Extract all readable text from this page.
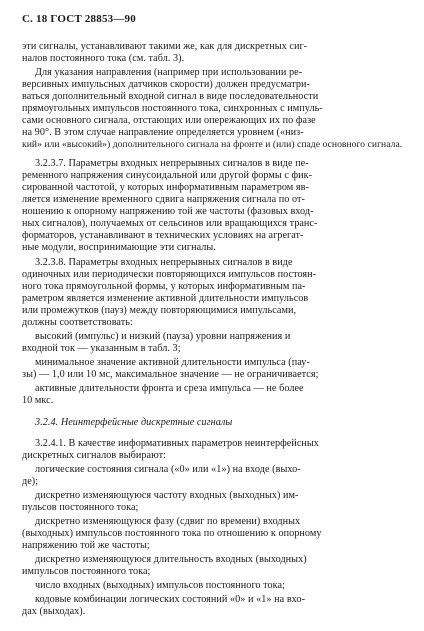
С. 18 ГОСТ 28853—90
эти сигналы, устанавливают такими же, как для дискретных сиг-
налов постоянного тока (см. табл. 3).
Для указания направления (например при использовании ре-
версивных импульсных датчиков скорости) должен предусматри-
ваться дополнительный входной сигнал в виде последовательности
прямоугольных импульсов постоянного тока, синхронных с импуль-
сами основного сигнала, отстающих или опережающих их по фазе
на 90°. В этом случае направление определяется уровнем («низ-
кий» или «высокий») дополнительного сигнала на фронте и (или) спаде основного сигнала.
3.2.3.7. Параметры входных непрерывных сигналов в виде пе-
ременного напряжения синусоидальной или другой формы с фик-
сированной частотой, у которых информативным параметром яв-
ляется изменение временного сдвига напряжения сигнала по от-
ношению к опорному напряжению той же частоты (фазовых вход-
ных сигналов), получаемых от сельсинов или вращающихся транс-
форматоров, устанавливают в технических условиях на агрегат-
ные модули, воспринимающие эти сигналы.
3.2.3.8. Параметры входных непрерывных сигналов в виде
одиночных или периодически повторяющихся импульсов постоян-
ного тока прямоугольной формы, у которых информативным па-
раметром является изменение активной длительности импульсов
или промежутков (пауз) между повторяющимися импульсами,
должны соответствовать:
высокий (импульс) и низкий (пауза) уровни напряжения и
входной ток — указанным в табл. 3;
минимальное значение активной длительности импульса (пау-
зы) — 1,0 или 10 мс, максимальное значение — не ограничивается;
активные длительности фронта и среза импульса — не более
10 мкс.
3.2.4. Неинтерфейсные дискретные сигналы
3.2.4.1. В качестве информативных параметров неинтерфейсных
дискретных сигналов выбирают:
логические состояния сигнала («0» или «1») на входе (выхо-
де);
дискретно изменяющуюся частоту входных (выходных) им-
пульсов постоянного тока;
дискретно изменяющуюся фазу (сдвиг по времени) входных
(выходных) импульсов постоянного тока по отношению к опорному
напряжению той же частоты;
дискретно изменяющуюся длительность входных (выходных)
импульсов постоянного тока;
число входных (выходных) импульсов постоянного тока;
кодовые комбинации логических состояний «0» и «1» на вхо-
дах (выходах).
